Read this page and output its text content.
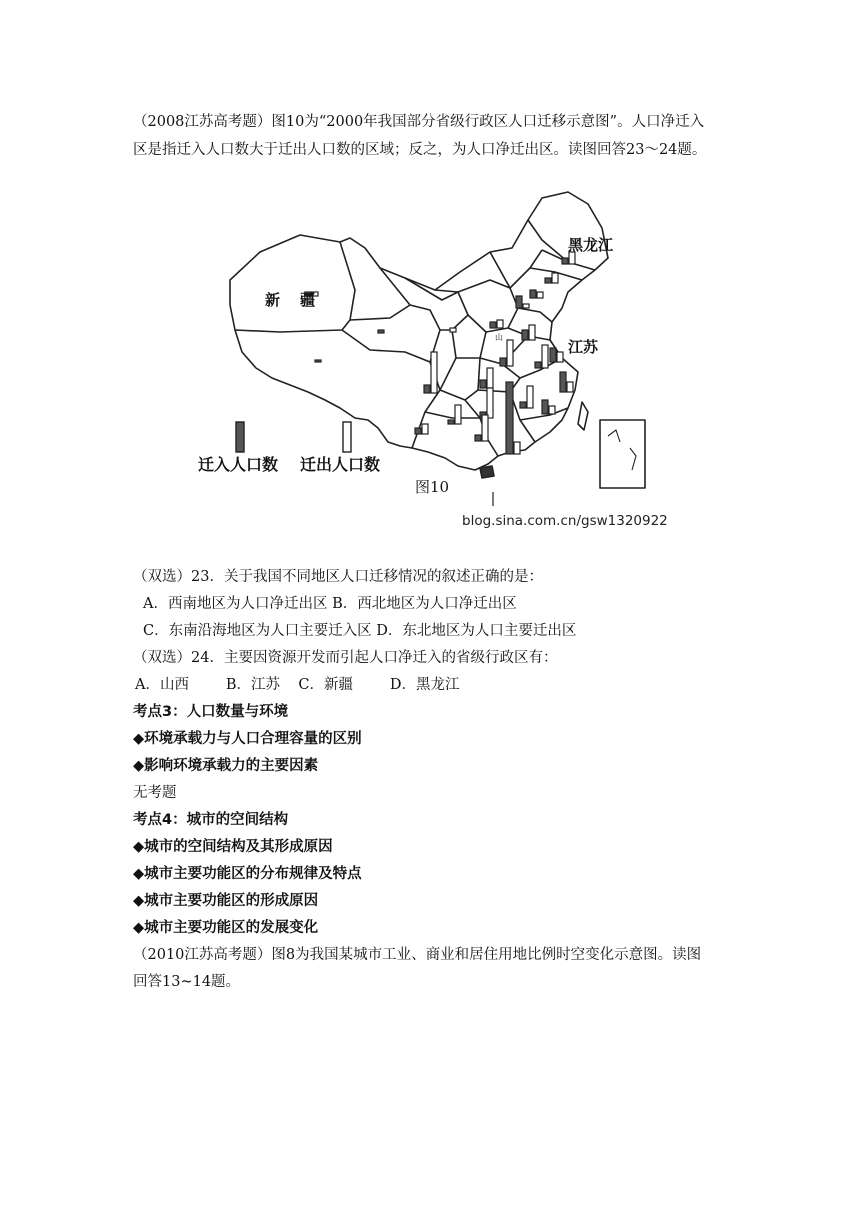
（2008江苏高考题）图10为“2000年我国部分省级行政区人口迁移示意图”。人口净迁入
区是指迁入人口数大于迁出人口数的区域；反之，为人口净迁出区。读图回答23～24题。
黑龙江
新 疆
江苏
山
迁入人口数 迁出人口数
图10
blog.sina.com.cn/gsw1320922
（双选）23．关于我国不同地区人口迁移情况的叙述正确的是：
A．西南地区为人口净迁出区 B．西北地区为人口净迁出区
C．东南沿海地区为人口主要迁入区 D．东北地区为人口主要迁出区
（双选）24．主要因资源开发而引起人口净迁入的省级行政区有：
A．山西        B．江苏    C．新疆        D．黑龙江
考点3：人口数量与环境
◆环境承载力与人口合理容量的区别
◆影响环境承载力的主要因素
无考题
考点4：城市的空间结构
◆城市的空间结构及其形成原因
◆城市主要功能区的分布规律及特点
◆城市主要功能区的形成原因
◆城市主要功能区的发展变化
（2010江苏高考题）图8为我国某城市工业、商业和居住用地比例时空变化示意图。读图
回答13~14题。
